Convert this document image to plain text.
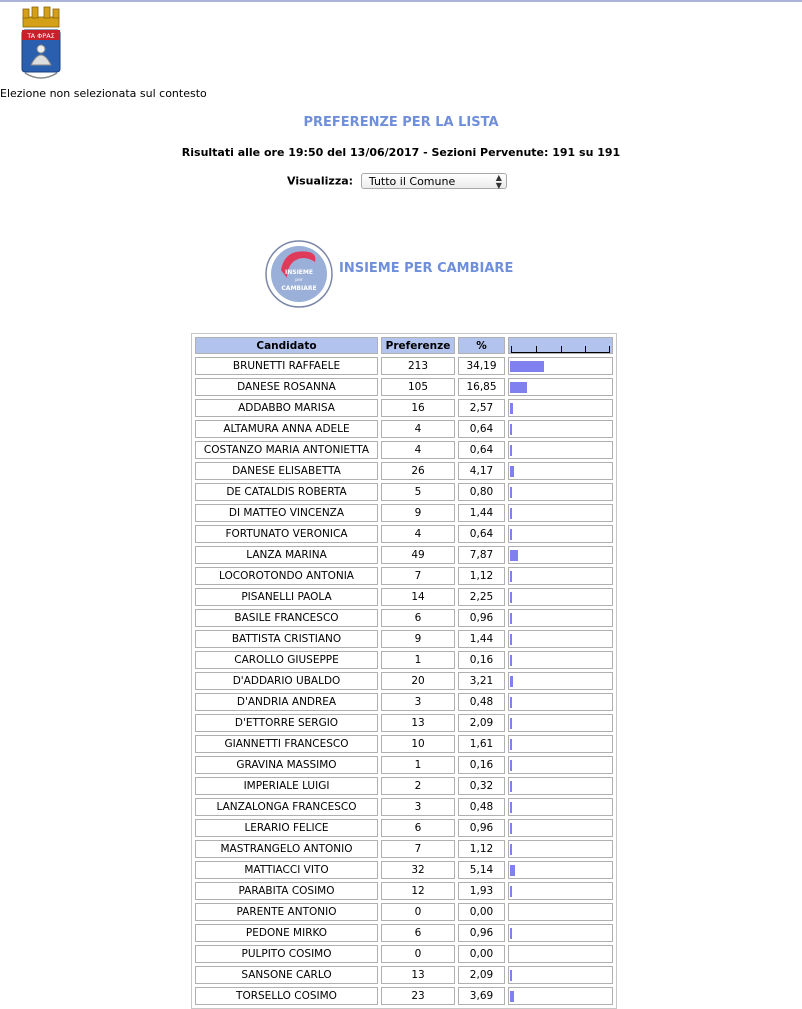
TA ΦΡΑΣ
Elezione non selezionata sul contesto
PREFERENZE PER LA LISTA
Risultati alle ore 19:50 del 13/06/2017 - Sezioni Pervenute: 191 su 191
Visualizza: Tutto il Comune	▲
▼
INSIEME
per
CAMBIARE
INSIEME PER CAMBIARE
Candidato	Preferenze	%	

BRUNETTI RAFFAELE	213	34,19	

DANESE ROSANNA	105	16,85	

ADDABBO MARISA	16	2,57	

ALTAMURA ANNA ADELE	4	0,64	

COSTANZO MARIA ANTONIETTA	4	0,64	

DANESE ELISABETTA	26	4,17	

DE CATALDIS ROBERTA	5	0,80	

DI MATTEO VINCENZA	9	1,44	

FORTUNATO VERONICA	4	0,64	

LANZA MARINA	49	7,87	

LOCOROTONDO ANTONIA	7	1,12	

PISANELLI PAOLA	14	2,25	

BASILE FRANCESCO	6	0,96	

BATTISTA CRISTIANO	9	1,44	

CAROLLO GIUSEPPE	1	0,16	

D'ADDARIO UBALDO	20	3,21	

D'ANDRIA ANDREA	3	0,48	

D'ETTORRE SERGIO	13	2,09	

GIANNETTI FRANCESCO	10	1,61	

GRAVINA MASSIMO	1	0,16	

IMPERIALE LUIGI	2	0,32	

LANZALONGA FRANCESCO	3	0,48	

LERARIO FELICE	6	0,96	

MASTRANGELO ANTONIO	7	1,12	

MATTIACCI VITO	32	5,14	

PARABITA COSIMO	12	1,93	

PARENTE ANTONIO	0	0,00	
PEDONE MIRKO	6	0,96	

PULPITO COSIMO	0	0,00	
SANSONE CARLO	13	2,09	

TORSELLO COSIMO	23	3,69	
